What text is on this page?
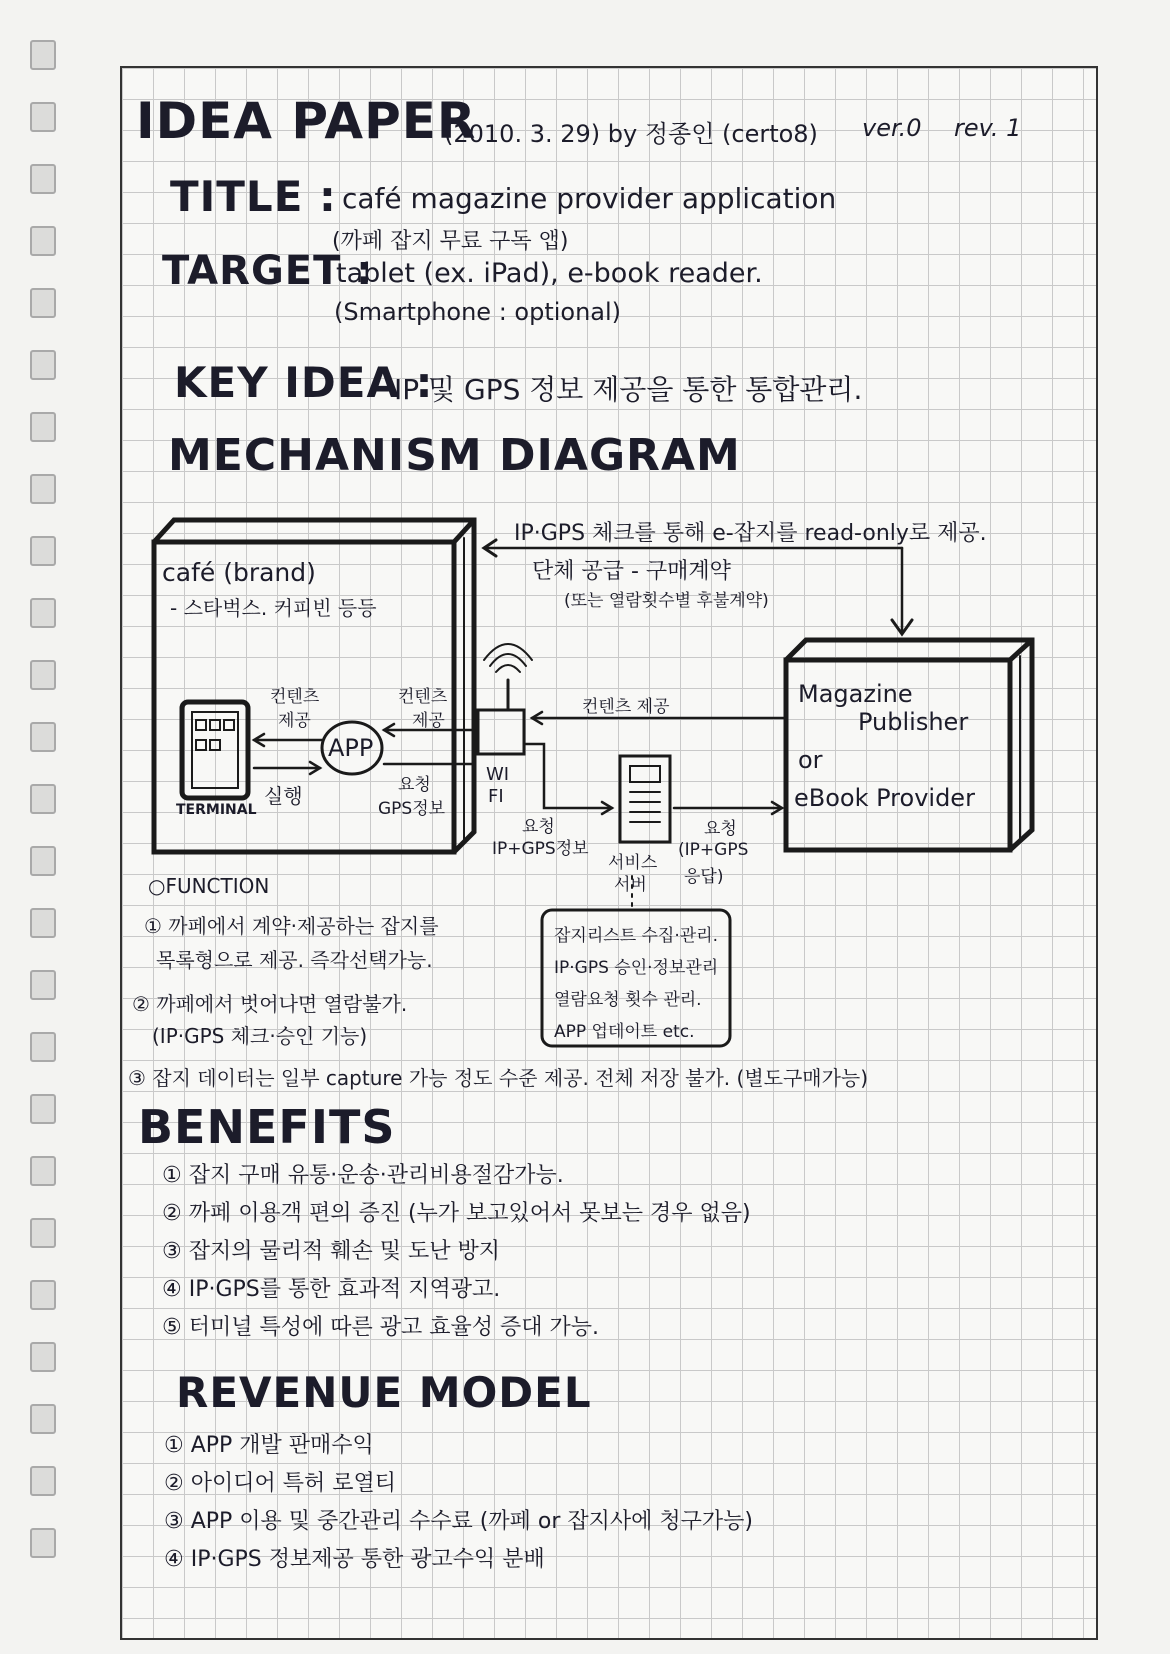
IDEA PAPER
(2010. 3. 29) by 정종인 (certo8) ver.0 rev. 1
TITLE : café magazine provider application
(까페 잡지 무료 구독 앱)
TARGET :
tablet (ex. iPad), e-book reader.
(Smartphone : optional)
KEY IDEA :
IP 및 GPS 정보 제공을 통한 통합관리.
MECHANISM DIAGRAM
IP·GPS 체크를 통해 e-잡지를 read-only로 제공.
단체 공급 - 구매계약
(또는 열람횟수별 후불계약)
café (brand)
- 스타벅스. 커피빈 등등
컨텐츠
제공
컨텐츠
제공
APP
실행
TERMINAL
요청
GPS정보
WI
FI
컨텐츠 제공	Magazine
Publisher
or
eBook Provider
요청
IP+GPS정보
요청
(IP+GPS
응답)
서비스
서버
잡지리스트 수집·관리.
IP·GPS 승인·정보관리
열람요청 횟수 관리.
APP 업데이트 etc.
○FUNCTION
① 까페에서 계약·제공하는 잡지를
목록형으로 제공. 즉각선택가능.
② 까페에서 벗어나면 열람불가.
(IP·GPS 체크·승인 기능)
③ 잡지 데이터는 일부 capture 가능 정도 수준 제공. 전체 저장 불가. (별도구매가능)
BENEFITS
① 잡지 구매 유통·운송·관리비용절감가능.
② 까페 이용객 편의 증진 (누가 보고있어서 못보는 경우 없음)
③ 잡지의 물리적 훼손 및 도난 방지
④ IP·GPS를 통한 효과적 지역광고.
⑤ 터미널 특성에 따른 광고 효율성 증대 가능.
REVENUE MODEL
① APP 개발 판매수익
② 아이디어 특허 로열티
③ APP 이용 및 중간관리 수수료 (까페 or 잡지사에 청구가능)
④ IP·GPS 정보제공 통한 광고수익 분배
